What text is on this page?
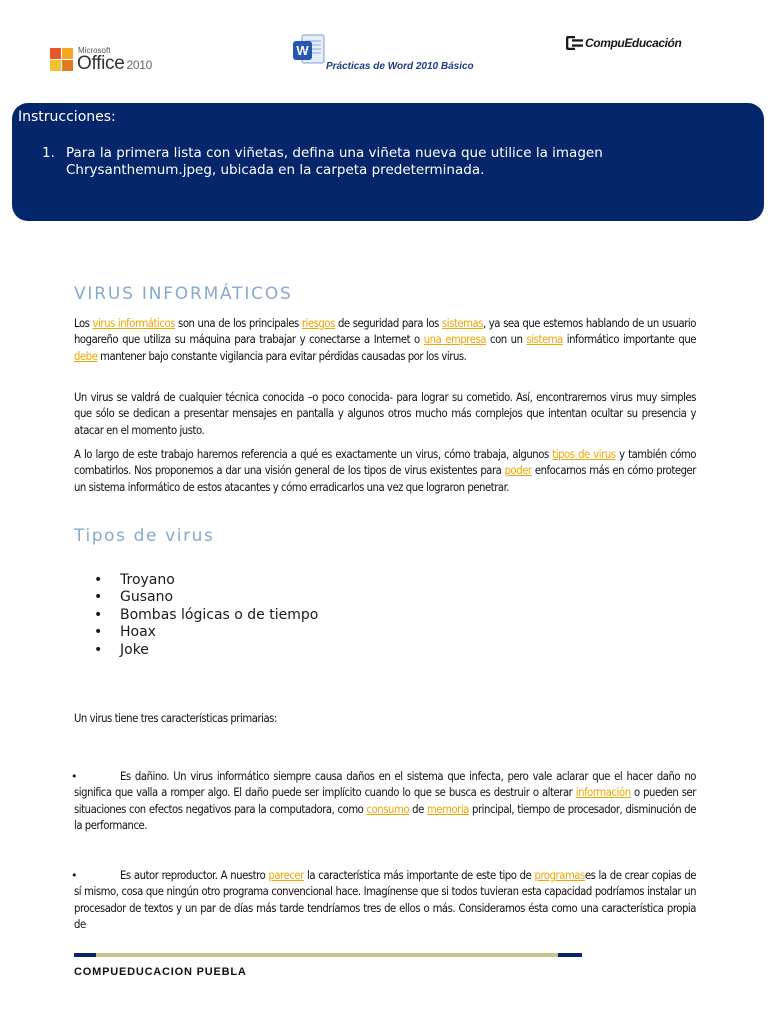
Microsoft
Office 2010
W
Prácticas de Word 2010 Básico
CompuEducación
Instrucciones:
1. Para la primera lista con viñetas, defina una viñeta nueva que utilice la imagen Chrysanthemum.jpeg, ubicada en la carpeta predeterminada.
VIRUS INFORMÁTICOS
Los virus informáticos son una de los principales riesgos de seguridad para los sistemas, ya sea que estemos hablando de un usuario hogareño que utiliza su máquina para trabajar y conectarse a Internet o una empresa con un sistema informático importante que debe mantener bajo constante vigilancia para evitar pérdidas causadas por los virus.
Un virus se valdrá de cualquier técnica conocida –o poco conocida- para lograr su cometido. Así, encontraremos virus muy simples que sólo se dedican a presentar mensajes en pantalla y algunos otros mucho más complejos que intentan ocultar su presencia y atacar en el momento justo.
A lo largo de este trabajo haremos referencia a qué es exactamente un virus, cómo trabaja, algunos tipos de virus y también cómo combatirlos. Nos proponemos a dar una visión general de los tipos de virus existentes para poder enfocarnos más en cómo proteger un sistema informático de estos atacantes y cómo erradicarlos una vez que lograron penetrar.
Tipos de virus
• Troyano
• Gusano
• Bombas lógicas o de tiempo
• Hoax
• Joke
Un virus tiene tres características primarias:
•	Es dañino. Un virus informático siempre causa daños en el sistema que infecta, pero vale aclarar que el hacer daño no significa que valla a romper algo. El daño puede ser implícito cuando lo que se busca es destruir o alterar información o pueden ser situaciones con efectos negativos para la computadora, como consumo de memoria principal, tiempo de procesador, disminución de la performance.
•	Es autor reproductor. A nuestro parecer la característica más importante de este tipo de programases la de crear copias de sí mismo, cosa que ningún otro programa convencional hace. Imagínense que si todos tuvieran esta capacidad podríamos instalar un procesador de textos y un par de días más tarde tendríamos tres de ellos o más. Consideramos ésta como una característica propia de
COMPUEDUCACION PUEBLA
